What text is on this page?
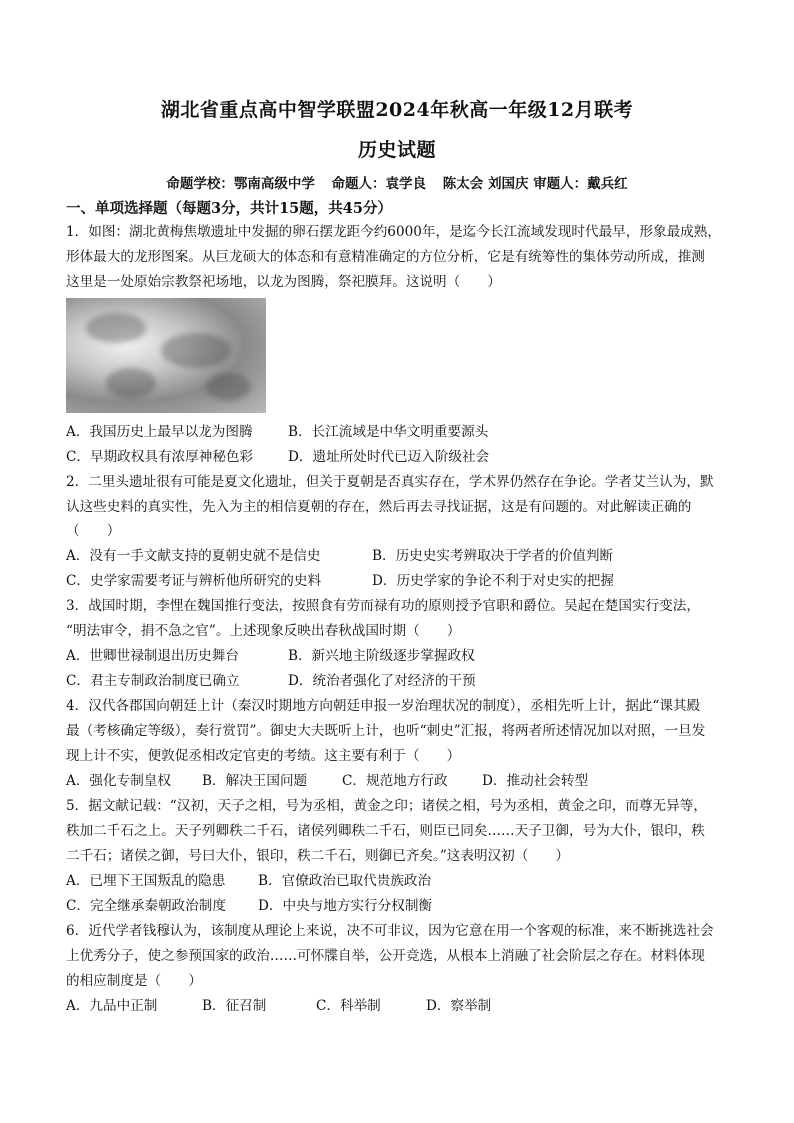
湖北省重点高中智学联盟2024年秋高一年级12月联考
历史试题
命题学校：鄂南高级中学 命题人：袁学良 陈太会 刘国庆 审题人：戴兵红
一、单项选择题（每题3分，共计15题，共45分）
1．如图：湖北黄梅焦墩遗址中发掘的卵石摆龙距今约6000年，是迄今长江流域发现时代最早，形象最成熟，
形体最大的龙形图案。从巨龙硕大的体态和有意精准确定的方位分析，它是有统筹性的集体劳动所成，推测
这里是一处原始宗教祭祀场地，以龙为图腾，祭祀膜拜。这说明（　　）
A．我国历史上最早以龙为图腾	B．长江流域是中华文明重要源头
C．早期政权具有浓厚神秘色彩	D．遗址所处时代已迈入阶级社会
2．二里头遗址很有可能是夏文化遗址，但关于夏朝是否真实存在，学术界仍然存在争论。学者艾兰认为，默
认这些史料的真实性，先入为主的相信夏朝的存在，然后再去寻找证据，这是有问题的。对此解读正确的
（　　）
A．没有一手文献支持的夏朝史就不是信史	B．历史史实考辨取决于学者的价值判断
C．史学家需要考证与辨析他所研究的史料	D．历史学家的争论不利于对史实的把握
3．战国时期，李悝在魏国推行变法，按照食有劳而禄有功的原则授予官职和爵位。吴起在楚国实行变法，
“明法审令，捐不急之官”。上述现象反映出春秋战国时期（　　）
A．世卿世禄制退出历史舞台	B．新兴地主阶级逐步掌握政权
C．君主专制政治制度已确立	D．统治者强化了对经济的干预
4．汉代各郡国向朝廷上计（秦汉时期地方向朝廷申报一岁治理状况的制度），丞相先听上计，据此“课其殿
最（考核确定等级），奏行赏罚”。御史大夫既听上计，也听“刺史”汇报，将两者所述情况加以对照，一旦发
现上计不实，便敦促丞相改定官吏的考绩。这主要有利于（　　）
A．强化专制皇权 B．解决王国问题	C．规范地方行政	D．推动社会转型
5．据文献记载：“汉初，天子之相，号为丞相，黄金之印；诸侯之相，号为丞相，黄金之印，而尊无异等，
秩加二千石之上。天子列卿秩二千石，诸侯列卿秩二千石，则臣已同矣……天子卫御，号为大仆，银印，秩
二千石；诸侯之御，号曰大仆，银印，秩二千石，则御已齐矣。”这表明汉初（　　）
A．已埋下王国叛乱的隐患 B．官僚政治已取代贵族政治
C．完全继承秦朝政治制度 D．中央与地方实行分权制衡
6．近代学者钱穆认为，该制度从理论上来说，决不可非议，因为它意在用一个客观的标准，来不断挑选社会
上优秀分子，使之参预国家的政治……可怀牒自举，公开竞选，从根本上消融了社会阶层之存在。材料体现
的相应制度是（　　）
A．九品中正制	B．征召制	C．科举制	D．察举制
